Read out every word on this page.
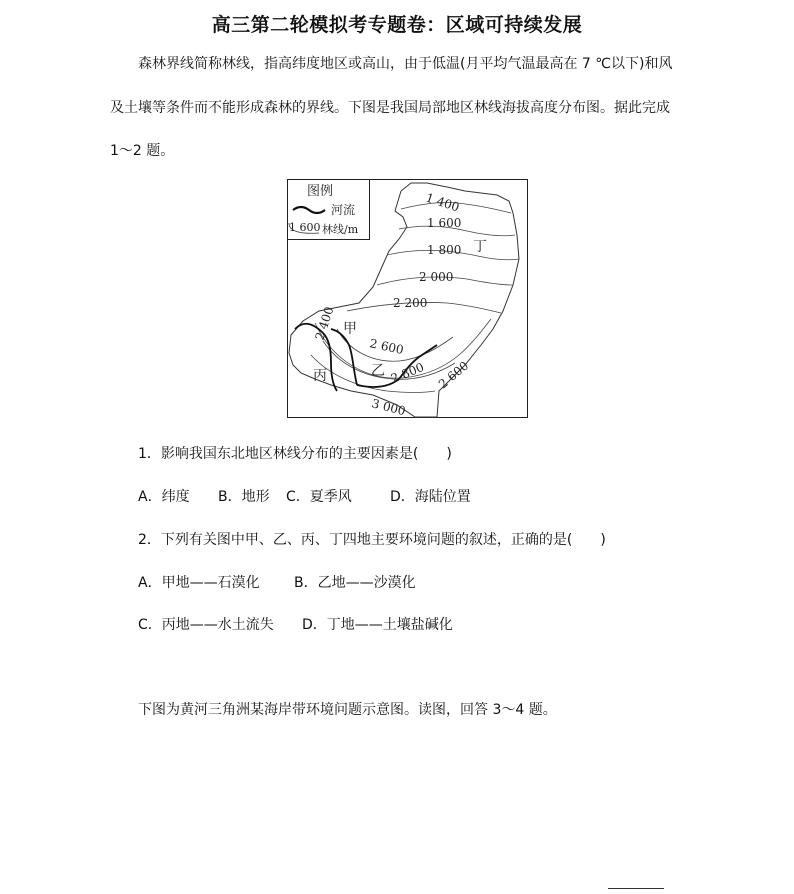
高三第二轮模拟考专题卷：区域可持续发展
森林界线简称林线，指高纬度地区或高山，由于低温(月平均气温最高在 7 ℃以下)和风
及土壤等条件而不能形成森林的界线。下图是我国局部地区林线海拔高度分布图。据此完成
1～2 题。
图例
河流
1 600 林线/m
1 400
1 600
1 800
2 000
2 200
2 400
2 600
2 800 2 600
3 000
丁
甲
乙
丙
1．影响我国东北地区林线分布的主要因素是(　　)
A．纬度 B．地形 C．夏季风	D．海陆位置
2．下列有关图中甲、乙、丙、丁四地主要环境问题的叙述，正确的是(　　)
A．甲地——石漠化 B．乙地——沙漠化
C．丙地——水土流失 D．丁地——土壤盐碱化
下图为黄河三角洲某海岸带环境问题示意图。读图，回答 3～4 题。
